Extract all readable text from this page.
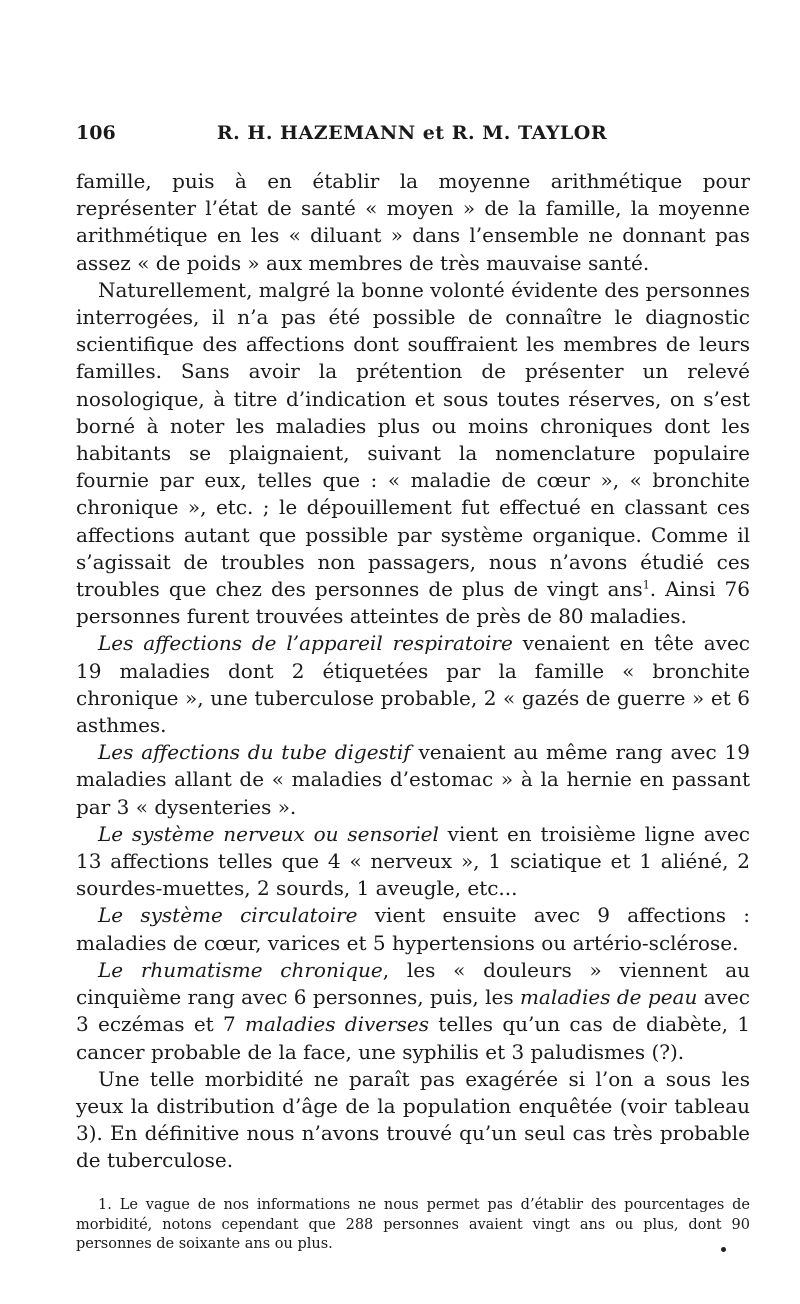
106	R. H. HAZEMANN et R. M. TAYLOR

famille, puis à en établir la moyenne arithmétique pour représenter l’état de santé « moyen » de la famille, la moyenne arithmétique en les « diluant » dans l’ensemble ne donnant pas assez « de poids » aux membres de très mauvaise santé.

Naturellement, malgré la bonne volonté évidente des personnes interrogées, il n’a pas été possible de connaître le diagnostic scientifique des affections dont souffraient les membres de leurs familles. Sans avoir la prétention de présenter un relevé nosologique, à titre d’indication et sous toutes réserves, on s’est borné à noter les maladies plus ou moins chroniques dont les habitants se plaignaient, suivant la nomenclature populaire fournie par eux, telles que : « maladie de cœur », « bronchite chronique », etc. ; le dépouillement fut effectué en classant ces affections autant que possible par système organique. Comme il s’agissait de troubles non passagers, nous n’avons étudié ces troubles que chez des personnes de plus de vingt ans$^1$. Ainsi 76 personnes furent trouvées atteintes de près de 80 maladies.

Les affections de l’appareil respiratoire venaient en tête avec 19 maladies dont 2 étiquetées par la famille « bronchite chronique », une tuberculose probable, 2 « gazés de guerre » et 6 asthmes.

Les affections du tube digestif venaient au même rang avec 19 maladies allant de « maladies d’estomac » à la hernie en passant par 3 « dysenteries ».

Le système nerveux ou sensoriel vient en troisième ligne avec 13 affections telles que 4 « nerveux », 1 sciatique et 1 aliéné, 2 sourdes-muettes, 2 sourds, 1 aveugle, etc...

Le système circulatoire vient ensuite avec 9 affections : maladies de cœur, varices et 5 hypertensions ou artério-sclérose.

Le rhumatisme chronique, les « douleurs » viennent au cinquième rang avec 6 personnes, puis, les maladies de peau avec 3 eczémas et 7 maladies diverses telles qu’un cas de diabète, 1 cancer probable de la face, une syphilis et 3 paludismes (?).

Une telle morbidité ne paraît pas exagérée si l’on a sous les yeux la distribution d’âge de la population enquêtée (voir tableau 3). En définitive nous n’avons trouvé qu’un seul cas très probable de tuberculose.

1. Le vague de nos informations ne nous permet pas d’établir des pourcentages de morbidité, notons cependant que 288 personnes avaient vingt ans ou plus, dont 90 personnes de soixante ans ou plus.
